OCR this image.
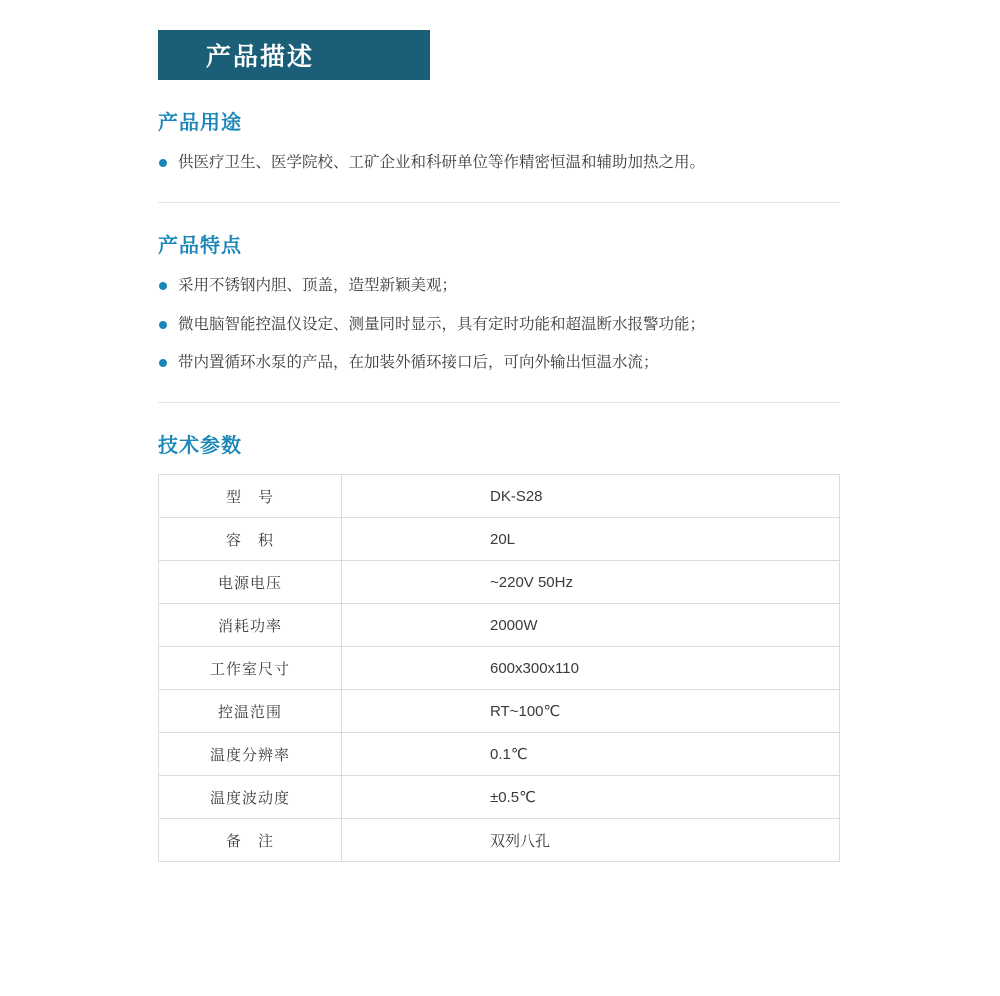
产品描述
产品用途
供医疗卫生、医学院校、工矿企业和科研单位等作精密恒温和辅助加热之用。
产品特点
采用不锈钢内胆、顶盖，造型新颖美观；
微电脑智能控温仪设定、测量同时显示，具有定时功能和超温断水报警功能；
带内置循环水泵的产品，在加装外循环接口后，可向外输出恒温水流；
技术参数
型　号	DK-S28
容　积	20L
电源电压	~220V 50Hz
消耗功率	2000W
工作室尺寸	600x300x110
控温范围	RT~100℃
温度分辨率	0.1℃
温度波动度	±0.5℃
备　注	双列八孔
